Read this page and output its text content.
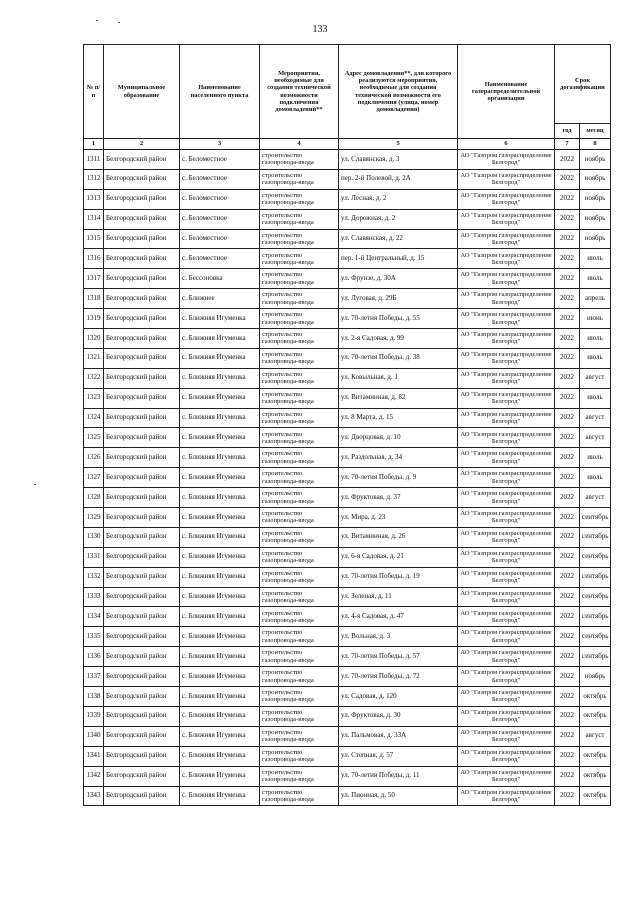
133
№ п/п	Муниципальное образование	Наименование населенного пункта	Мероприятия, необходимые для создания технической возможности подключения домовладений**	Адрес домовладения**, для которого реализуются мероприятия, необходимые для создания технической возможности его подключения (улица, номер домовладения)	Наименование газораспределительной организации	Срок догазификации	
						год	месяц
1	2	3	4	5	6	7	8
1311	Белгородский район	с. Беломестное	строительство газопровода-ввода	ул. Славянская, д. 3	АО "Газпром газораспределение Белгород"	2022	ноябрь
1312	Белгородский район	с. Беломестное	строительство газопровода-ввода	пер. 2-й Полевой, д. 2А	АО "Газпром газораспределение Белгород"	2022	ноябрь
1313	Белгородский район	с. Беломестное	строительство газопровода-ввода	ул. Лесная, д. 2	АО "Газпром газораспределение Белгород"	2022	ноябрь
1314	Белгородский район	с. Беломестное	строительство газопровода-ввода	ул. Дорожная, д. 2	АО "Газпром газораспределение Белгород"	2022	ноябрь
1315	Белгородский район	с. Беломестное	строительство газопровода-ввода	ул. Славянская, д. 22	АО "Газпром газораспределение Белгород"	2022	ноябрь
1316	Белгородский район	с. Беломестное	строительство газопровода-ввода	пер. 1-й Центральный, д. 15	АО "Газпром газораспределение Белгород"	2022	июль
1317	Белгородский район	с. Бессоновка	строительство газопровода-ввода	ул. Фрунзе, д. 30А	АО "Газпром газораспределение Белгород"	2022	июль
1318	Белгородский район	с. Ближнее	строительство газопровода-ввода	ул. Луговая, д. 29Б	АО "Газпром газораспределение Белгород"	2022	апрель
1319	Белгородский район	с. Ближняя Игуменка	строительство газопровода-ввода	ул. 70-летия Победы, д. 55	АО "Газпром газораспределение Белгород"	2022	июнь
1320	Белгородский район	с. Ближняя Игуменка	строительство газопровода-ввода	ул. 2-я Садовая, д. 99	АО "Газпром газораспределение Белгород"	2022	июль
1321	Белгородский район	с. Ближняя Игуменка	строительство газопровода-ввода	ул. 70-летия Победы, д. 38	АО "Газпром газораспределение Белгород"	2022	июль
1322	Белгородский район	с. Ближняя Игуменка	строительство газопровода-ввода	ул. Ковыльная, д. 1	АО "Газпром газораспределение Белгород"	2022	август
1323	Белгородский район	с. Ближняя Игуменка	строительство газопровода-ввода	ул. Витаминная, д. 82	АО "Газпром газораспределение Белгород"	2022	июль
1324	Белгородский район	с. Ближняя Игуменка	строительство газопровода-ввода	ул. 8 Марта, д. 15	АО "Газпром газораспределение Белгород"	2022	август
1325	Белгородский район	с. Ближняя Игуменка	строительство газопровода-ввода	ул. Дворцовая, д. 10	АО "Газпром газораспределение Белгород"	2022	август
1326	Белгородский район	с. Ближняя Игуменка	строительство газопровода-ввода	ул. Раздольная, д. 34	АО "Газпром газораспределение Белгород"	2022	июль
1327	Белгородский район	с. Ближняя Игуменка	строительство газопровода-ввода	ул. 70-летия Победы, д. 9	АО "Газпром газораспределение Белгород"	2022	июль
1328	Белгородский район	с. Ближняя Игуменка	строительство газопровода-ввода	ул. Фруктовая, д. 37	АО "Газпром газораспределение Белгород"	2022	август
1329	Белгородский район	с. Ближняя Игуменка	строительство газопровода-ввода	ул. Мира, д. 23	АО "Газпром газораспределение Белгород"	2022	сентябрь
1330	Белгородский район	с. Ближняя Игуменка	строительство газопровода-ввода	ул. Витаминная, д. 26	АО "Газпром газораспределение Белгород"	2022	сентябрь
1331	Белгородский район	с. Ближняя Игуменка	строительство газопровода-ввода	ул. 6-я Садовая, д. 21	АО "Газпром газораспределение Белгород"	2022	сентябрь
1332	Белгородский район	с. Ближняя Игуменка	строительство газопровода-ввода	ул. 70-летия Победы, д. 19	АО "Газпром газораспределение Белгород"	2022	сентябрь
1333	Белгородский район	с. Ближняя Игуменка	строительство газопровода-ввода	ул. Зеленая, д. 11	АО "Газпром газораспределение Белгород"	2022	сентябрь
1334	Белгородский район	с. Ближняя Игуменка	строительство газопровода-ввода	ул. 4-я Садовая, д. 47	АО "Газпром газораспределение Белгород"	2022	сентябрь
1335	Белгородский район	с. Ближняя Игуменка	строительство газопровода-ввода	ул. Вольная, д. 3	АО "Газпром газораспределение Белгород"	2022	сентябрь
1336	Белгородский район	с. Ближняя Игуменка	строительство газопровода-ввода	ул. 70-летия Победы, д. 57	АО "Газпром газораспределение Белгород"	2022	сентябрь
1337	Белгородский район	с. Ближняя Игуменка	строительство газопровода-ввода	ул. 70-летия Победы, д. 72	АО "Газпром газораспределение Белгород"	2022	ноябрь
1338	Белгородский район	с. Ближняя Игуменка	строительство газопровода-ввода	ул. Садовая, д. 120	АО "Газпром газораспределение Белгород"	2022	октябрь
1339	Белгородский район	с. Ближняя Игуменка	строительство газопровода-ввода	ул. Фруктовая, д. 30	АО "Газпром газораспределение Белгород"	2022	октябрь
1340	Белгородский район	с. Ближняя Игуменка	строительство газопровода-ввода	ул. Пальмовая, д. 33А	АО "Газпром газораспределение Белгород"	2022	август
1341	Белгородский район	с. Ближняя Игуменка	строительство газопровода-ввода	ул. Степная, д. 57	АО "Газпром газораспределение Белгород"	2022	октябрь
1342	Белгородский район	с. Ближняя Игуменка	строительство газопровода-ввода	ул. 70-летия Победы, д. 11	АО "Газпром газораспределение Белгород"	2022	октябрь
1343	Белгородский район	с. Ближняя Игуменка	строительство газопровода-ввода	ул. Пионная, д. 50	АО "Газпром газораспределение Белгород"	2022	октябрь
